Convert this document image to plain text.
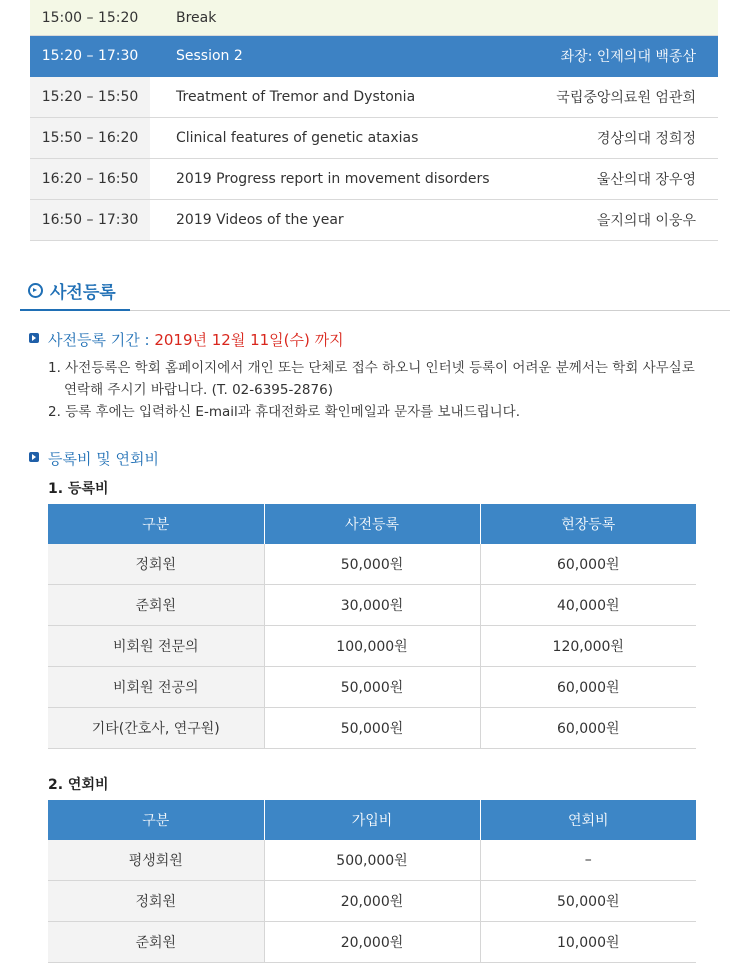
15:00 – 15:20	Break	
15:20 – 17:30	Session 2	좌장: 인제의대 백종삼
15:20 – 15:50	Treatment of Tremor and Dystonia	국립중앙의료원 엄관희
15:50 – 16:20	Clinical features of genetic ataxias	경상의대 정희정
16:20 – 16:50	2019 Progress report in movement disorders	울산의대 장우영
16:50 – 17:30	2019 Videos of the year	을지의대 이웅우
사전등록
사전등록 기간 : 2019년 12월 11일(수) 까지
1. 사전등록은 학회 홈페이지에서 개인 또는 단체로 접수 하오니 인터넷 등록이 어려운 분께서는 학회 사무실로 연락해 주시기 바랍니다. (T. 02-6395-2876)
2. 등록 후에는 입력하신 E-mail과 휴대전화로 확인메일과 문자를 보내드립니다.
등록비 및 연회비
1. 등록비
구분	사전등록	현장등록
정회원	50,000원	60,000원
준회원	30,000원	40,000원
비회원 전문의	100,000원	120,000원
비회원 전공의	50,000원	60,000원
기타(간호사, 연구원)	50,000원	60,000원
2. 연회비
구분	가입비	연회비
평생회원	500,000원	–
정회원	20,000원	50,000원
준회원	20,000원	10,000원
